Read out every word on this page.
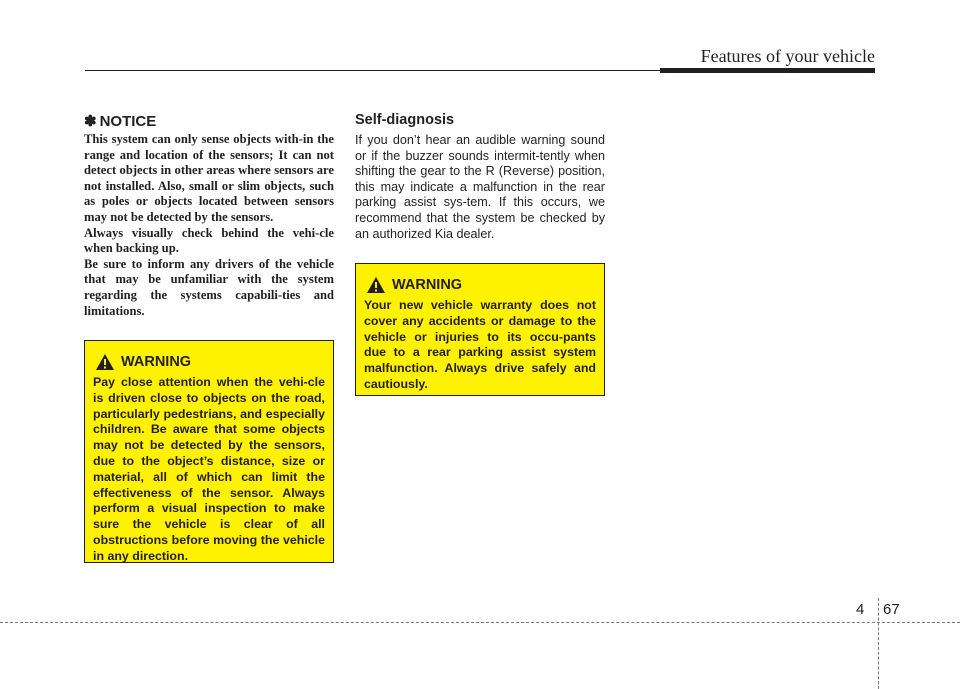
Features of your vehicle
✽ NOTICE

This system can only sense objects with-in the range and location of the sensors; It can not detect objects in other areas where sensors are not installed. Also, small or slim objects, such as poles or objects located between sensors may not be detected by the sensors.

Always visually check behind the vehi-cle when backing up.

Be sure to inform any drivers of the vehicle that may be unfamiliar with the system regarding the systems capabili-ties and limitations.

WARNING

Pay close attention when the vehi-cle is driven close to objects on the road, particularly pedestrians, and especially children. Be aware that some objects may not be detected by the sensors, due to the object’s distance, size or material, all of which can limit the effectiveness of the sensor. Always perform a visual inspection to make sure the vehicle is clear of all obstructions before moving the vehicle in any direction.

Self-diagnosis

If you don’t hear an audible warning sound or if the buzzer sounds intermit-tently when shifting the gear to the R (Reverse) position, this may indicate a malfunction in the rear parking assist sys-tem. If this occurs, we recommend that the system be checked by an authorized Kia dealer.

WARNING

Your new vehicle warranty does not cover any accidents or damage to the vehicle or injuries to its occu-pants due to a rear parking assist system malfunction. Always drive safely and cautiously.

4 67
